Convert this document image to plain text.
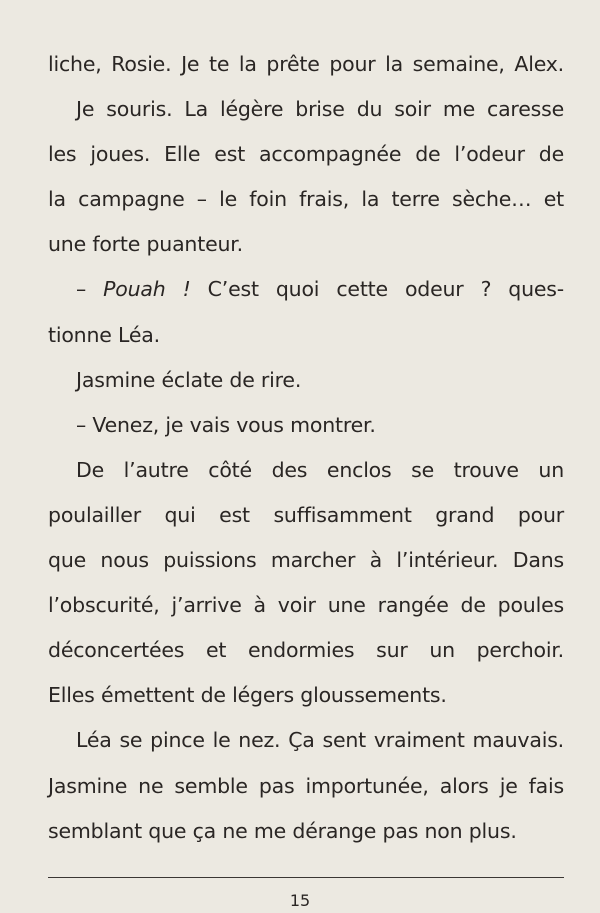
liche, Rosie. Je te la prête pour la semaine, Alex.
Je souris. La légère brise du soir me caresse
les joues. Elle est accompagnée de l’odeur de
la campagne – le foin frais, la terre sèche… et
une forte puanteur.
– Pouah ! C’est quoi cette odeur ? ques-
tionne Léa.
Jasmine éclate de rire.
– Venez, je vais vous montrer.
De l’autre côté des enclos se trouve un
poulailler qui est suffisamment grand pour
que nous puissions marcher à l’intérieur. Dans
l’obscurité, j’arrive à voir une rangée de poules
déconcertées et endormies sur un perchoir.
Elles émettent de légers gloussements.
Léa se pince le nez. Ça sent vraiment mauvais.
Jasmine ne semble pas importunée, alors je fais
semblant que ça ne me dérange pas non plus.
15
